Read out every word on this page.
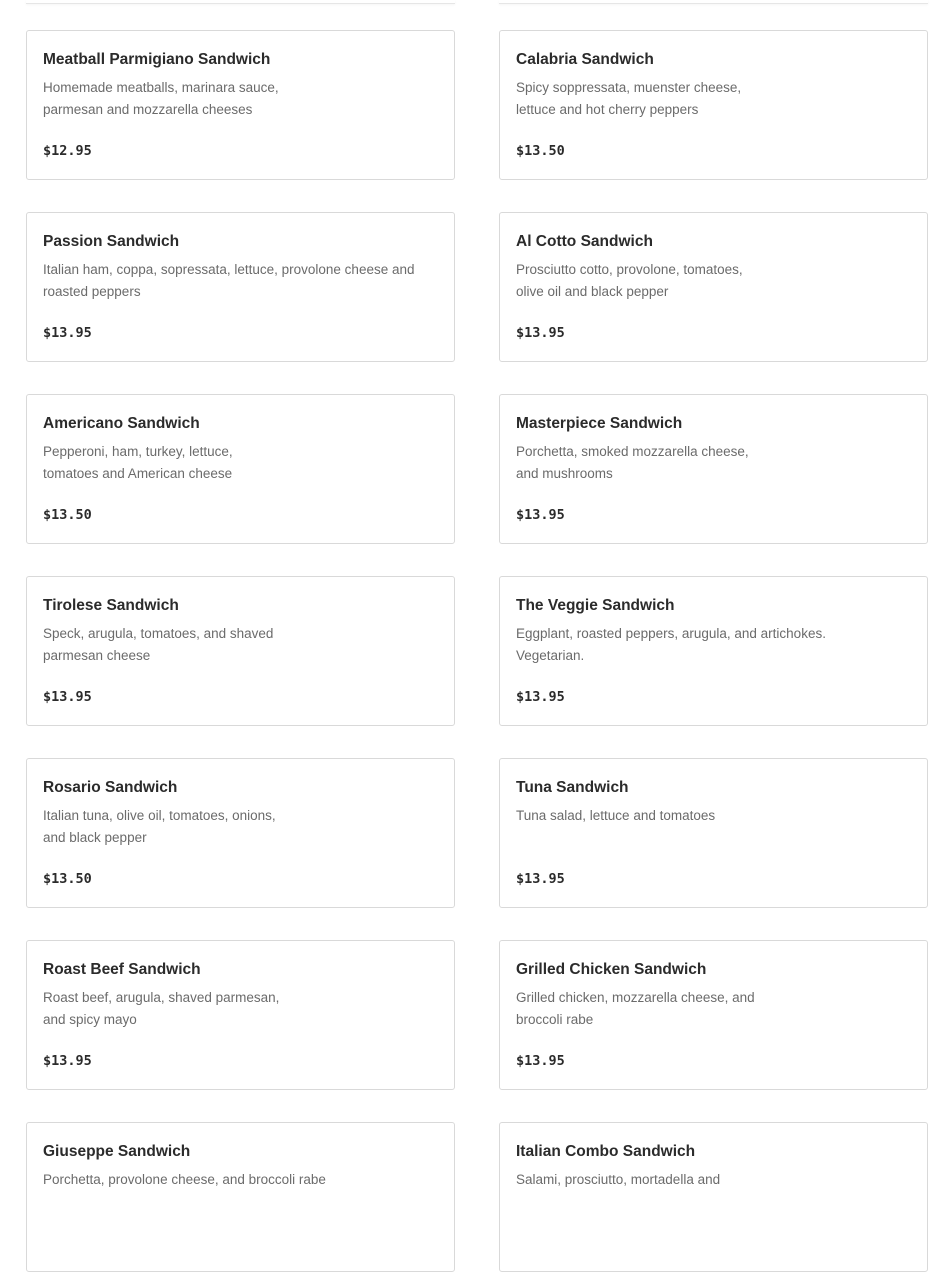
Meatball Parmigiano Sandwich
Homemade meatballs, marinara sauce,
parmesan and mozzarella cheeses
$12.95
Calabria Sandwich
Spicy soppressata, muenster cheese,
lettuce and hot cherry peppers
$13.50
Passion Sandwich
Italian ham, coppa, sopressata, lettuce, provolone cheese and
roasted peppers
$13.95
Al Cotto Sandwich
Prosciutto cotto, provolone, tomatoes,
olive oil and black pepper
$13.95
Americano Sandwich
Pepperoni, ham, turkey, lettuce,
tomatoes and American cheese
$13.50
Masterpiece Sandwich
Porchetta, smoked mozzarella cheese,
and mushrooms
$13.95
Tirolese Sandwich
Speck, arugula, tomatoes, and shaved
parmesan cheese
$13.95
The Veggie Sandwich
Eggplant, roasted peppers, arugula, and artichokes.
Vegetarian.
$13.95
Rosario Sandwich
Italian tuna, olive oil, tomatoes, onions,
and black pepper
$13.50
Tuna Sandwich
Tuna salad, lettuce and tomatoes

$13.95
Roast Beef Sandwich
Roast beef, arugula, shaved parmesan,
and spicy mayo
$13.95
Grilled Chicken Sandwich
Grilled chicken, mozzarella cheese, and
broccoli rabe
$13.95
Giuseppe Sandwich
Porchetta, provolone cheese, and broccoli rabe

Italian Combo Sandwich
Salami, prosciutto, mortadella and
